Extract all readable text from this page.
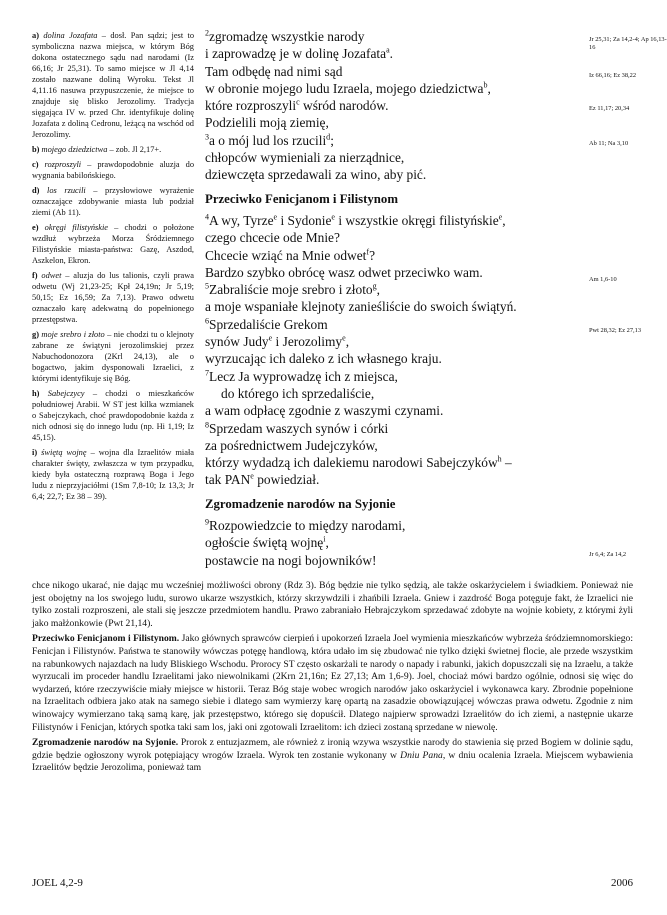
a) dolina Jozafata – dosł. Pan sądzi; jest to symboliczna nazwa miejsca, w którym Bóg dokona ostatecznego sądu nad narodami (Iz 66,16; Jr 25,31). To samo miejsce w Jl 4,14 zostało nazwane doliną Wyroku. Tekst Jl 4,11.16 nasuwa przypuszczenie, że miejsce to znajduje się blisko Jerozolimy. Tradycja sięgająca IV w. przed Chr. identyfikuje dolinę Jozafata z doliną Cedronu, leżącą na wschód od Jerozolimy.
b) mojego dziedzictwa – zob. Jl 2,17+.
c) rozproszyli – prawdopodobnie aluzja do wygnania babilońskiego.
d) los rzucili – przysłowiowe wyrażenie oznaczające zdobywanie miasta lub podział ziemi (Ab 11).
e) okręgi filistyńskie – chodzi o położone wzdłuż wybrzeża Morza Śródziemnego Filistyńskie miasta-państwa: Gazę, Aszdod, Aszkelon, Ekron.
f) odwet – aluzja do lus talionis, czyli prawa odwetu (Wj 21,23-25; Kpł 24,19n; Jr 5,19; 50,15; Ez 16,59; Za 7,13). Prawo odwetu oznaczało karę adekwatną do popełnionego przestępstwa.
g) moje srebro i złoto – nie chodzi tu o klejnoty zabrane ze świątyni jerozolimskiej przez Nabuchodonozora (2Krl 24,13), ale o bogactwo, jakim dysponowali Izraelici, z którymi identyfikuje się Bóg.
h) Sabejczycy – chodzi o mieszkańców południowej Arabii. W ST jest kilka wzmianek o Sabejczykach, choć prawdopodobnie każda z nich odnosi się do innego ludu (np. Hi 1,19; Iz 45,15).
i) świętą wojnę – wojna dla Izraelitów miała charakter święty, zwłaszcza w tym przypadku, kiedy była ostateczną rozprawą Boga i Jego ludu z nieprzyjaciółmi (1Sm 7,8-10; Iz 13,3; Jr 6,4; 22,7; Ez 38 – 39).

$^2$zgromadzę wszystkie narody

i zaprowadzę je w dolinę Jozafata$^a$.

Tam odbędę nad nimi sąd

w obronie mojego ludu Izraela, mojego dziedzictwa$^b$,

które rozproszyli$^c$ wśród narodów.

Podzielili moją ziemię,

$^3$a o mój lud los rzucili$^d$;

chłopców wymieniali za nierządnice,

dziewczęta sprzedawali za wino, aby pić.

Przeciwko Fenicjanom i Filistynom

$^4$A wy, Tyrze$^e$ i Sydonie$^e$ i wszystkie okręgi filistyńskie$^e$,

czego chcecie ode Mnie?

Chcecie wziąć na Mnie odwet$^f$?

Bardzo szybko obrócę wasz odwet przeciwko wam.

$^5$Zabraliście moje srebro i złoto$^g$,

a moje wspaniałe klejnoty zanieśliście do swoich świątyń.

$^6$Sprzedaliście Grekom

synów Judy$^e$ i Jerozolimy$^e$,

wyrzucając ich daleko z ich własnego kraju.

$^7$Lecz Ja wyprowadzę ich z miejsca,

do którego ich sprzedaliście,

a wam odpłacę zgodnie z waszymi czynami.

$^8$Sprzedam waszych synów i córki

za pośrednictwem Judejczyków,

którzy wydadzą ich dalekiemu narodowi Sabejczyków$^h$ –

tak PAN$^e$ powiedział.

Zgromadzenie narodów na Syjonie

$^9$Rozpowiedzcie to między narodami,

ogłoście świętą wojnę$^i$,

postawcie na nogi bojowników!

Jr 25,31; Za 14,2-4; Ap 16,13-16
Iz 66,16; Ez 38,22
Ez 11,17; 20,34
Ab 11; Na 3,10
Am 1,6-10
Pwt 28,32; Ez 27,13
Jr 6,4; Za 14,2

chce nikogo ukarać, nie dając mu wcześniej możliwości obrony (Rdz 3). Bóg będzie nie tylko sędzią, ale także oskarżycielem i świadkiem. Ponieważ nie jest obojętny na los swojego ludu, surowo ukarze wszystkich, którzy skrzywdzili i zhańbili Izraela. Gniew i zazdrość Boga potęguje fakt, że Izraelici nie tylko zostali rozproszeni, ale stali się jeszcze przedmiotem handlu. Prawo zabraniało Hebrajczykom sprzedawać zdobyte na wojnie kobiety, z którymi żyli jako małżonkowie (Pwt 21,14).

Przeciwko Fenicjanom i Filistynom. Jako głównych sprawców cierpień i upokorzeń Izraela Joel wymienia mieszkańców wybrzeża śródziemnomorskiego: Fenicjan i Filistynów. Państwa te stanowiły wówczas potęgę handlową, która udało im się zbudować nie tylko dzięki świetnej flocie, ale przede wszystkim na rabunkowych najazdach na ludy Bliskiego Wschodu. Prorocy ST często oskarżali te narody o napady i rabunki, jakich dopuszczali się na Izraelu, a także wyrzucali im proceder handlu Izraelitami jako niewolnikami (2Krn 21,16n; Ez 27,13; Am 1,6-9). Joel, chociaż mówi bardzo ogólnie, odnosi się więc do wydarzeń, które rzeczywiście miały miejsce w historii. Teraz Bóg staje wobec wrogich narodów jako oskarżyciel i wykonawca kary. Zbrodnie popełnione na Izraelitach odbiera jako atak na samego siebie i dlatego sam wymierzy karę opartą na zasadzie obowiązującej wówczas prawa odwetu. Zgodnie z nim winowajcy wymierzano taką samą karę, jak przestępstwo, którego się dopuścił. Dlatego najpierw sprowadzi Izraelitów do ich ziemi, a następnie ukarze Filistynów i Fenicjan, których spotka taki sam los, jaki oni zgotowali Izraelitom: ich dzieci zostaną sprzedane w niewolę.

Zgromadzenie narodów na Syjonie. Prorok z entuzjazmem, ale również z ironią wzywa wszystkie narody do stawienia się przed Bogiem w dolinie sądu, gdzie będzie ogłoszony wyrok potępiający wrogów Izraela. Wyrok ten zostanie wykonany w Dniu Pana, w dniu ocalenia Izraela. Miejscem wybawienia Izraelitów będzie Jerozolima, ponieważ tam

JOEL 4,2-9	2006
